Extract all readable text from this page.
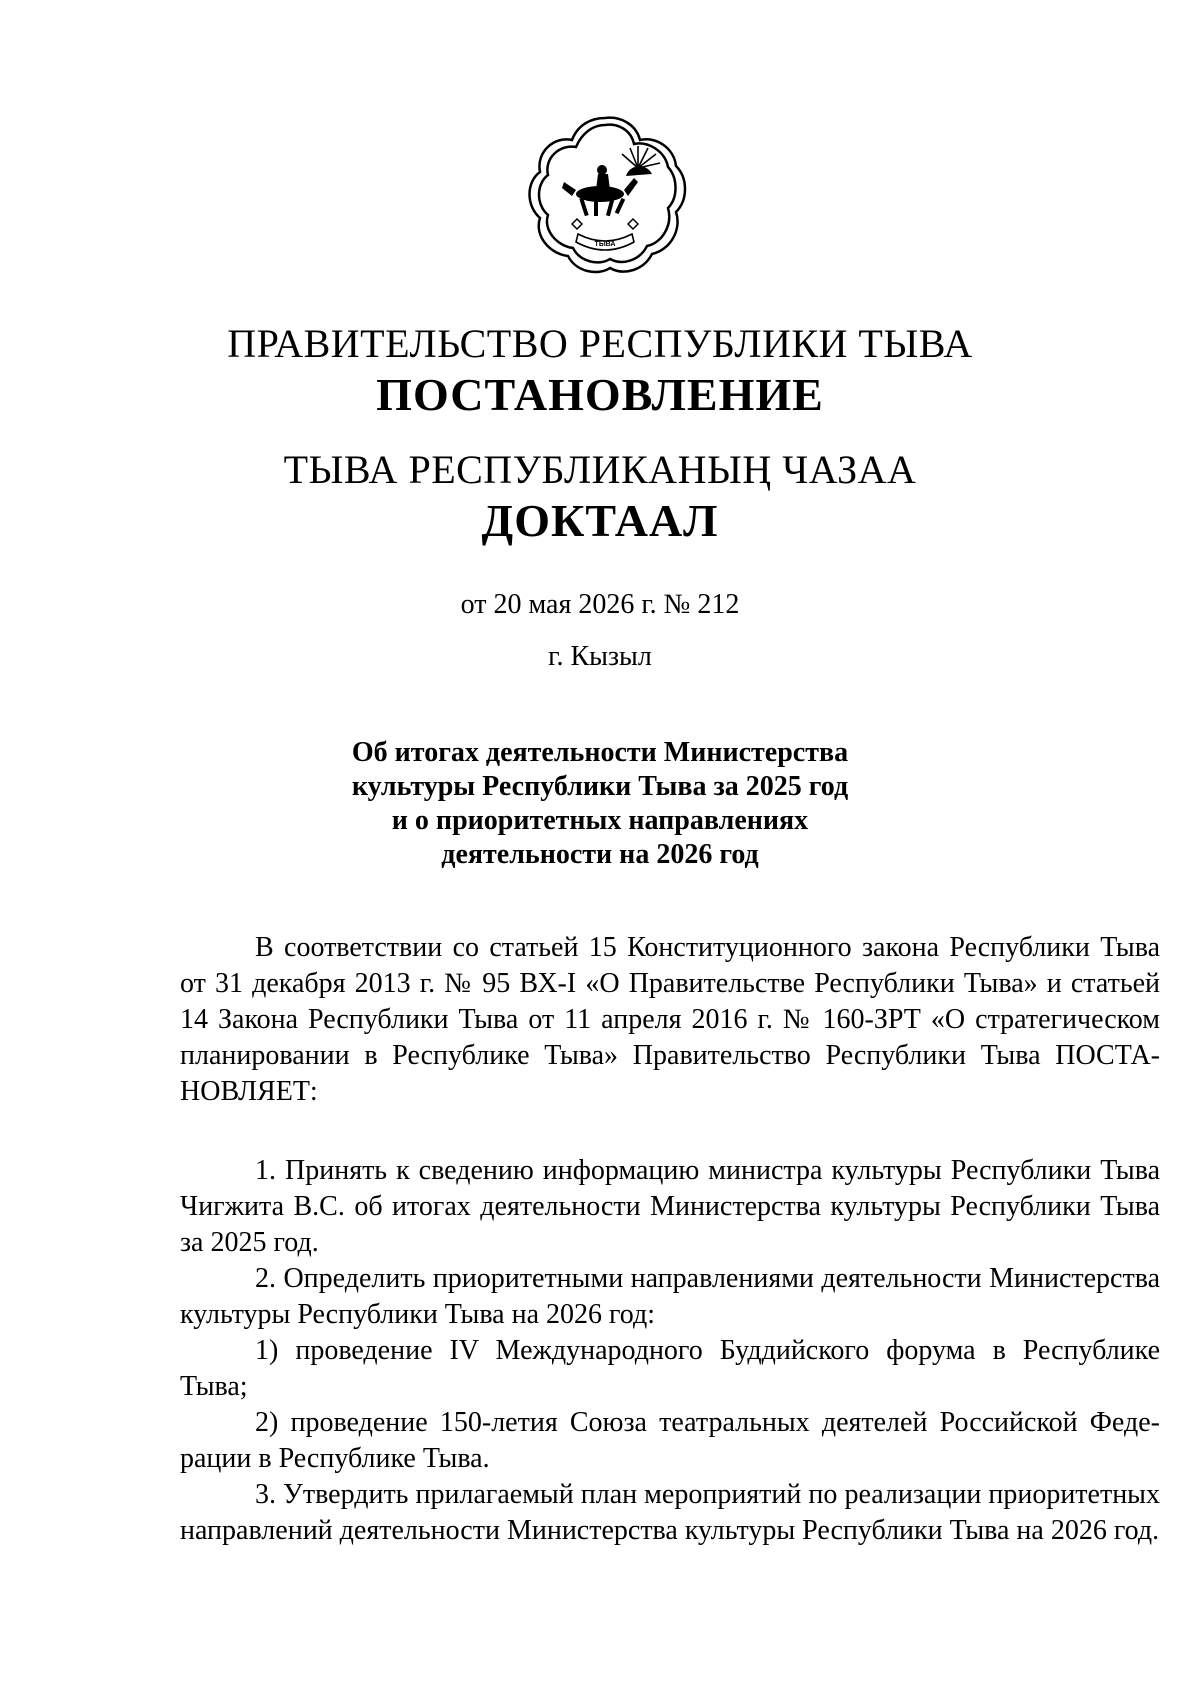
ТЫВА
ПРАВИТЕЛЬСТВО РЕСПУБЛИКИ ТЫВА
ПОСТАНОВЛЕНИЕ
ТЫВА РЕСПУБЛИКАНЫҢ ЧАЗАА
ДОКТААЛ
от 20 мая 2026 г. № 212
г. Кызыл
Об итогах деятельности Министерства
культуры Республики Тыва за 2025 год
и о приоритетных направлениях
деятельности на 2026 год

В соответствии со статьей 15 Конституционного закона Республики Тыва от 31 декабря 2013 г. № 95 ВХ-I «О Правительстве Республики Тыва» и статьей 14 Закона Республики Тыва от 11 апреля 2016 г. № 160-ЗРТ «О стратегическом планировании в Республике Тыва» Правительство Республики Тыва ПОСТАНОВЛЯЕТ:

1. Принять к сведению информацию министра культуры Республики Тыва Чигжита В.С. об итогах деятельности Министерства культуры Республики Тыва за 2025 год.

2. Определить приоритетными направлениями деятельности Министерства культуры Республики Тыва на 2026 год:

1) проведение IV Международного Буддийского форума в Республике Тыва;

2) проведение 150-летия Союза театральных деятелей Российской Федерации в Республике Тыва.

3. Утвердить прилагаемый план мероприятий по реализации приоритетных направлений деятельности Министерства культуры Республики Тыва на 2026 год.
